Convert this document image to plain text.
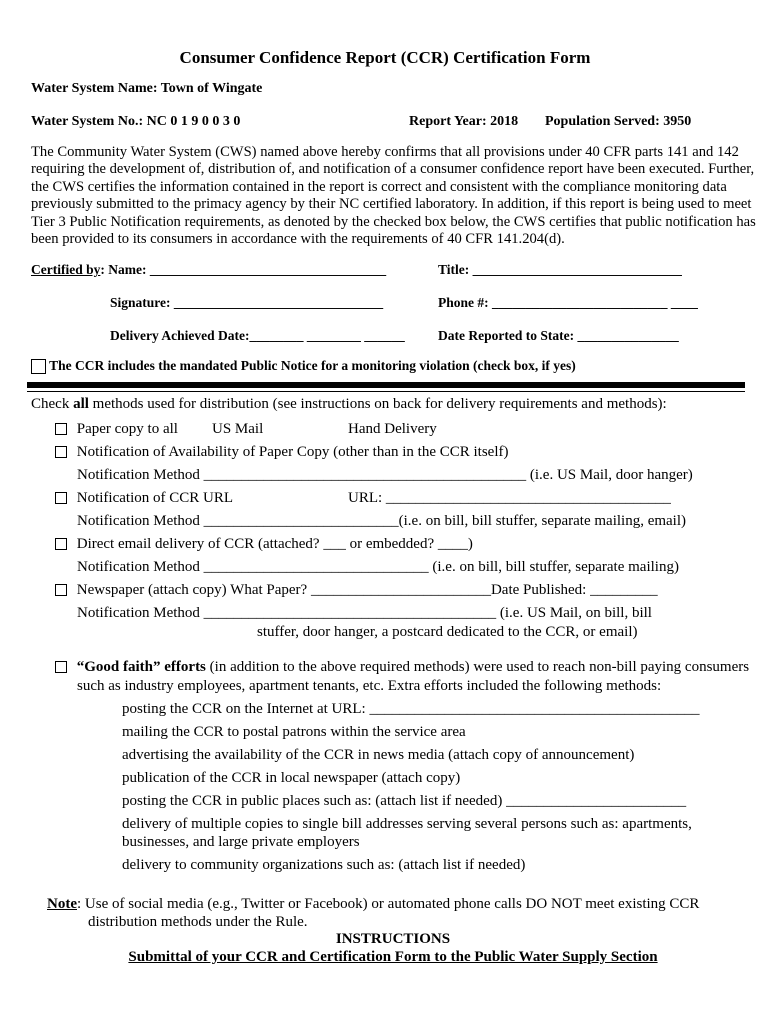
Consumer Confidence Report (CCR) Certification Form
Water System Name: Town of Wingate
Water System No.: NC 0 1 9 0 0 3 0	Report Year: 2018 Population Served: 3950
The Community Water System (CWS) named above hereby confirms that all provisions under 40 CFR parts 141 and 142 requiring the development of, distribution of, and notification of a consumer confidence report have been executed. Further, the CWS certifies the information contained in the report is correct and consistent with the compliance monitoring data previously submitted to the primacy agency by their NC certified laboratory. In addition, if this report is being used to meet Tier 3 Public Notification requirements, as denoted by the checked box below, the CWS certifies that public notification has been provided to its consumers in accordance with the requirements of 40 CFR 141.204(d).
Certified by: Name: ___________________________________	Title: _______________________________
Signature: _______________________________	Phone #: __________________________ ____
Delivery Achieved Date:________ ________ ______ Date Reported to State: _______________
The CCR includes the mandated Public Notice for a monitoring violation (check box, if yes)
Check all methods used for distribution (see instructions on back for delivery requirements and methods):
Paper copy to all US Mail	Hand Delivery
Notification of Availability of Paper Copy (other than in the CCR itself)
Notification Method ___________________________________________ (i.e. US Mail, door hanger)
Notification of CCR URL	URL: ______________________________________
Notification Method __________________________(i.e. on bill, bill stuffer, separate mailing, email)
Direct email delivery of CCR (attached? ___ or embedded? ____)
Notification Method ______________________________ (i.e. on bill, bill stuffer, separate mailing)
Newspaper (attach copy) What Paper? ________________________Date Published: _________
Notification Method _______________________________________ (i.e. US Mail, on bill, bill
stuffer, door hanger, a postcard dedicated to the CCR, or email)
“Good faith” efforts (in addition to the above required methods) were used to reach non-bill paying consumers
such as industry employees, apartment tenants, etc. Extra efforts included the following methods:
posting the CCR on the Internet at URL: ____________________________________________
mailing the CCR to postal patrons within the service area
advertising the availability of the CCR in news media (attach copy of announcement)
publication of the CCR in local newspaper (attach copy)
posting the CCR in public places such as: (attach list if needed) ________________________
delivery of multiple copies to single bill addresses serving several persons such as: apartments,
businesses, and large private employers
delivery to community organizations such as: (attach list if needed)
Note: Use of social media (e.g., Twitter or Facebook) or automated phone calls DO NOT meet existing CCR
distribution methods under the Rule.
INSTRUCTIONS
Submittal of your CCR and Certification Form to the Public Water Supply Section
